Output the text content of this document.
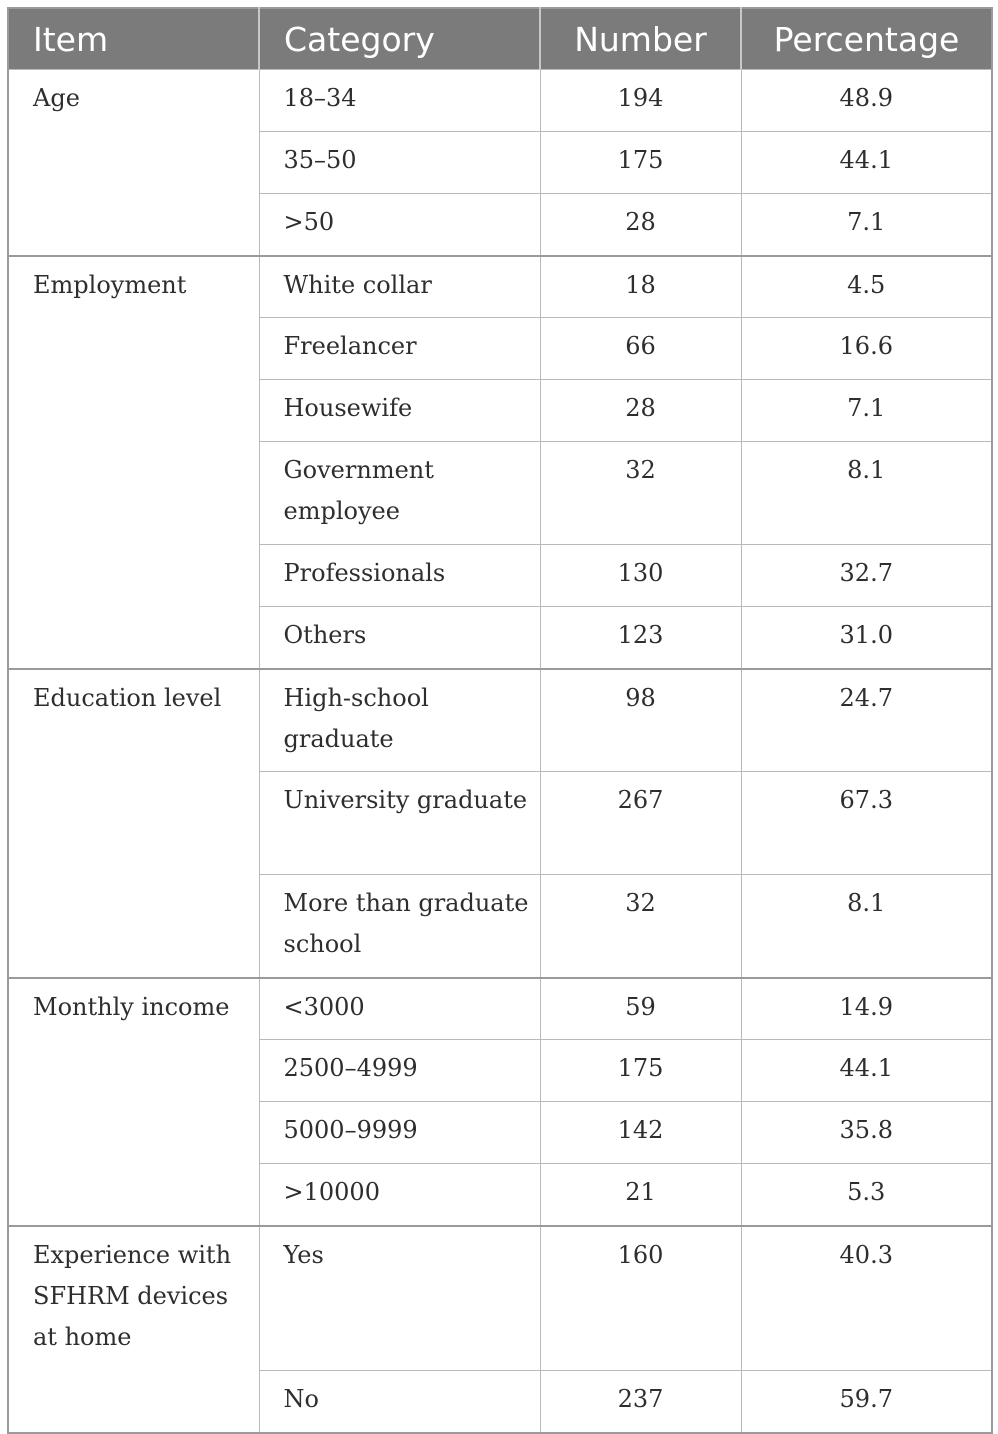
Item	Category	Number	Percentage
Age	18–34	194	48.9
	35–50	175	44.1
	>50	28	7.1
Employment	White collar	18	4.5
	Freelancer	66	16.6
	Housewife	28	7.1
	Government employee	32	8.1
	Professionals	130	32.7
	Others	123	31.0
Education level	High-school graduate	98	24.7
	University graduate	267	67.3
	More than graduate school	32	8.1
Monthly income	<3000	59	14.9
	2500–4999	175	44.1
	5000–9999	142	35.8
	>10000	21	5.3
Experience with SFHRM devices at home	Yes	160	40.3
	No	237	59.7
